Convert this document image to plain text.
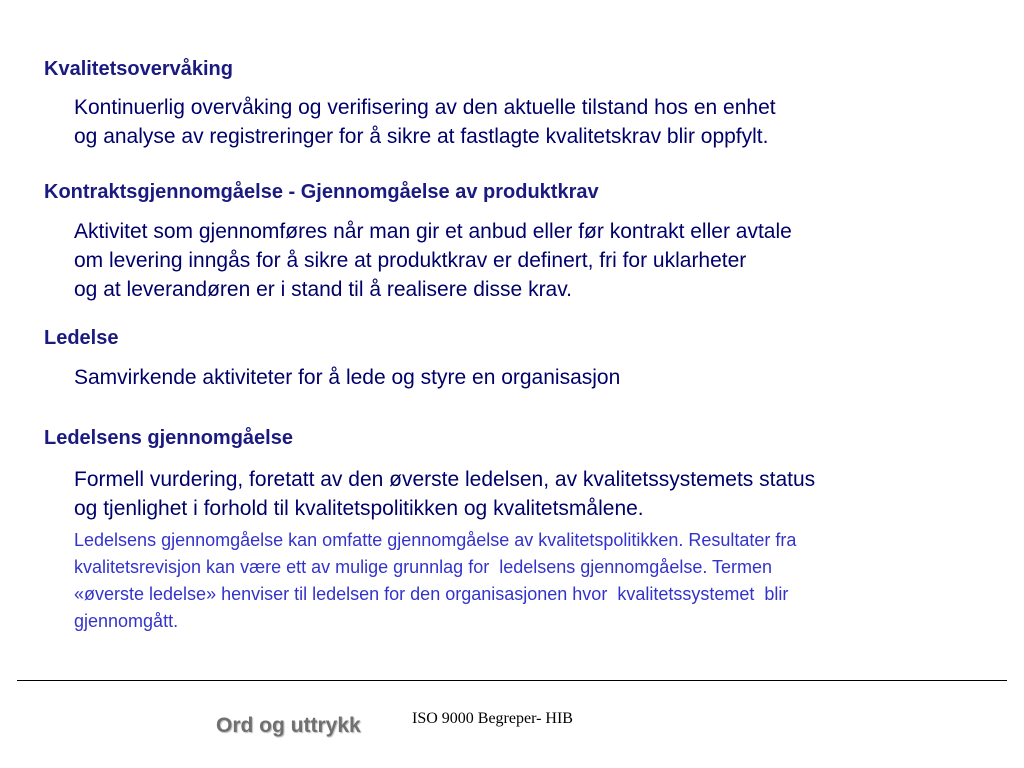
Kvalitetsovervåking
Kontinuerlig overvåking og verifisering av den aktuelle tilstand hos en enhet
og analyse av registreringer for å sikre at fastlagte kvalitetskrav blir oppfylt.
Kontraktsgjennomgåelse - Gjennomgåelse av produktkrav
Aktivitet som gjennomføres når man gir et anbud eller før kontrakt eller avtale
om levering inngås for å sikre at produktkrav er definert, fri for uklarheter
og at leverandøren er i stand til å realisere disse krav.
Ledelse
Samvirkende aktiviteter for å lede og styre en organisasjon
Ledelsens gjennomgåelse
Formell vurdering, foretatt av den øverste ledelsen, av kvalitetssystemets status
og tjenlighet i forhold til kvalitetspolitikken og kvalitetsmålene.
Ledelsens gjennomgåelse kan omfatte gjennomgåelse av kvalitetspolitikken. Resultater fra
kvalitetsrevisjon kan være ett av mulige grunnlag for  ledelsens gjennomgåelse. Termen
«øverste ledelse» henviser til ledelsen for den organisasjonen hvor  kvalitetssystemet  blir
gjennomgått.
Ord og uttrykk	ISO 9000 Begreper- HIB
